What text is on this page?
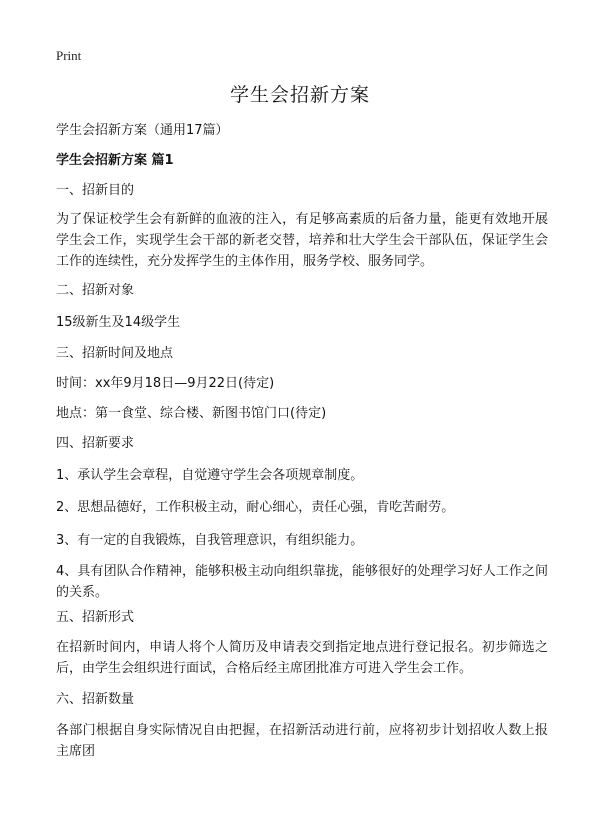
Print
学生会招新方案
学生会招新方案（通用17篇）
学生会招新方案 篇1
一、招新目的
为了保证校学生会有新鲜的血液的注入，有足够高素质的后备力量，能更有效地开展学生会工作，实现学生会干部的新老交替，培养和壮大学生会干部队伍，保证学生会工作的连续性，充分发挥学生的主体作用，服务学校、服务同学。
二、招新对象
15级新生及14级学生
三、招新时间及地点
时间：xx年9月18日—9月22日(待定)
地点：第一食堂、综合楼、新图书馆门口(待定)
四、招新要求
1、承认学生会章程，自觉遵守学生会各项规章制度。
2、思想品德好，工作积极主动，耐心细心，责任心强，肯吃苦耐劳。
3、有一定的自我锻炼，自我管理意识，有组织能力。
4、具有团队合作精神，能够积极主动向组织靠拢，能够很好的处理学习好人工作之间的关系。
五、招新形式
在招新时间内，申请人将个人简历及申请表交到指定地点进行登记报名。初步筛选之后，由学生会组织进行面试，合格后经主席团批准方可进入学生会工作。
六、招新数量
各部门根据自身实际情况自由把握，在招新活动进行前，应将初步计划招收人数上报主席团
